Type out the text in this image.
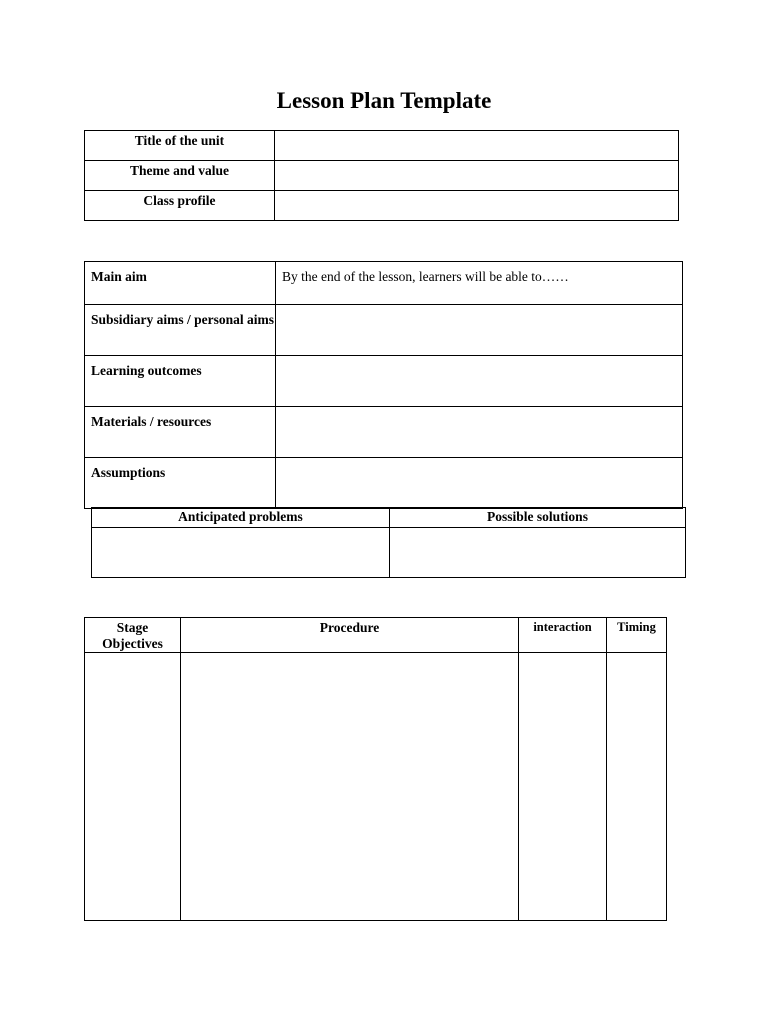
Lesson Plan Template
Title of the unit	
Theme and value	
Class profile	
Main aim	By the end of the lesson, learners will be able to……
Subsidiary aims / personal aims	
Learning outcomes	
Materials / resources	
Assumptions	
Anticipated problems	Possible solutions

Stage Objectives	Procedure	interaction	Timing
